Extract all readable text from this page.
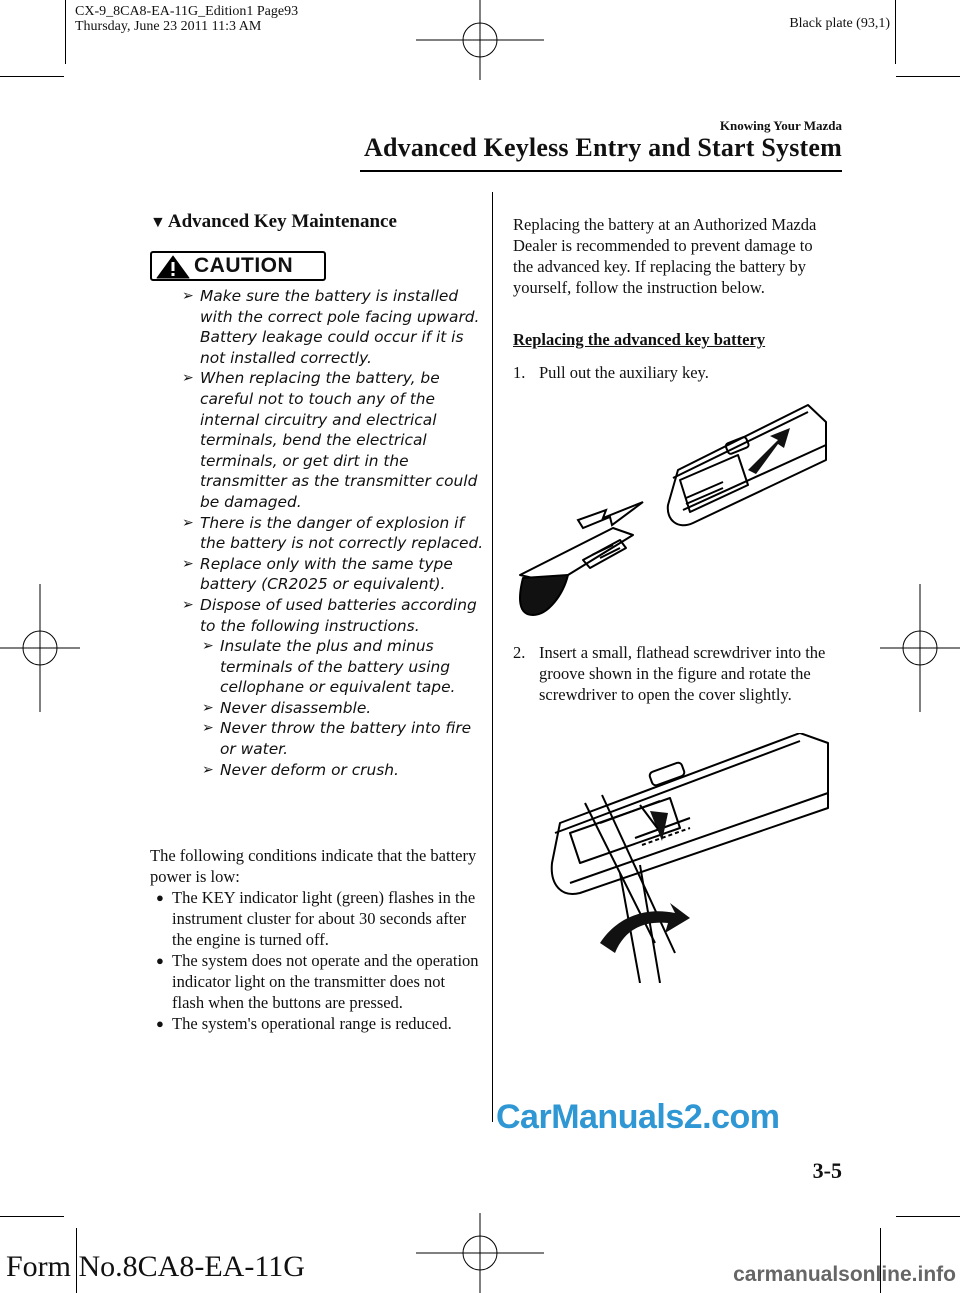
CX-9_8CA8-EA-11G_Edition1 Page93
Thursday, June 23 2011 11:3 AM	Black plate (93,1)
Knowing Your Mazda
Advanced Keyless Entry and Start System
▼ Advanced Key Maintenance
CAUTION

➢ Make sure the battery is installed with the correct pole facing upward. Battery leakage could occur if it is not installed correctly.

➢ When replacing the battery, be careful not to touch any of the internal circuitry and electrical terminals, bend the electrical terminals, or get dirt in the transmitter as the transmitter could be damaged.

➢ There is the danger of explosion if the battery is not correctly replaced.

➢ Replace only with the same type battery (CR2025 or equivalent).

➢ Dispose of used batteries according to the following instructions.

➢ Insulate the plus and minus terminals of the battery using cellophane or equivalent tape.

➢ Never disassemble.

➢ Never throw the battery into fire or water.

➢ Never deform or crush.

The following conditions indicate that the battery power is low:
● The KEY indicator light (green) flashes in the instrument cluster for about 30 seconds after the engine is turned off.
● The system does not operate and the operation indicator light on the transmitter does not flash when the buttons are pressed.
● The system's operational range is reduced.
Replacing the battery at an Authorized Mazda Dealer is recommended to prevent damage to the advanced key. If replacing the battery by yourself, follow the instruction below.
Replacing the advanced key battery
1. Pull out the auxiliary key.
2. Insert a small, flathead screwdriver into the groove shown in the figure and rotate the screwdriver to open the cover slightly.
CarManuals2.com
3-5
Form No.8CA8-EA-11G	carmanualsonline.info
